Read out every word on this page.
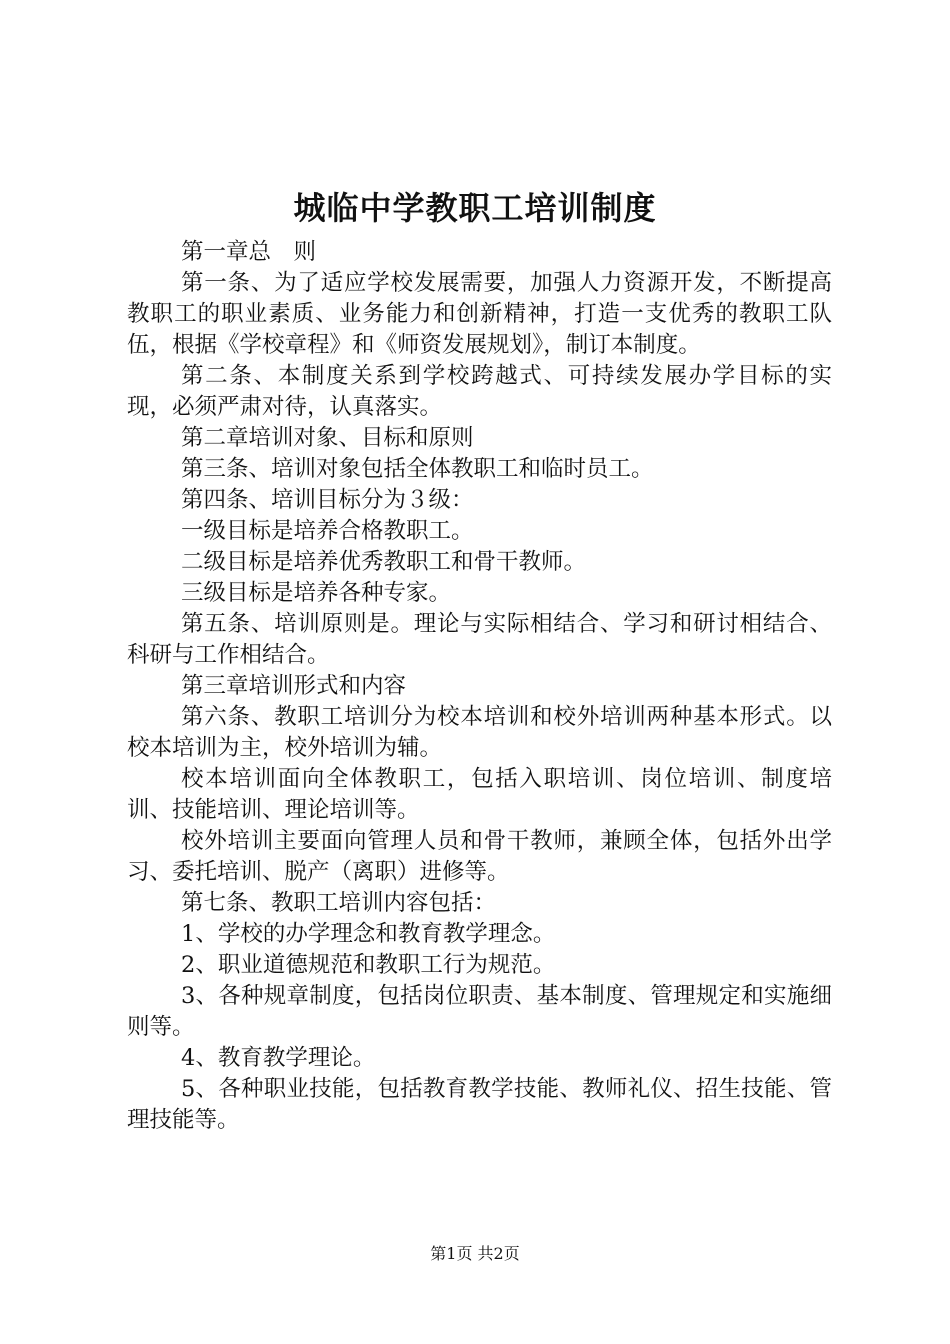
城临中学教职工培训制度

第一章总　则

第一条、为了适应学校发展需要，加强人力资源开发，不断提高教职工的职业素质、业务能力和创新精神，打造一支优秀的教职工队伍，根据《学校章程》和《师资发展规划》，制订本制度。

第二条、本制度关系到学校跨越式、可持续发展办学目标的实现，必须严肃对待，认真落实。

第二章培训对象、目标和原则

第三条、培训对象包括全体教职工和临时员工。

第四条、培训目标分为３级：

一级目标是培养合格教职工。

二级目标是培养优秀教职工和骨干教师。

三级目标是培养各种专家。

第五条、培训原则是。理论与实际相结合、学习和研讨相结合、科研与工作相结合。

第三章培训形式和内容

第六条、教职工培训分为校本培训和校外培训两种基本形式。以校本培训为主，校外培训为辅。

校本培训面向全体教职工，包括入职培训、岗位培训、制度培训、技能培训、理论培训等。

校外培训主要面向管理人员和骨干教师，兼顾全体，包括外出学习、委托培训、脱产（离职）进修等。

第七条、教职工培训内容包括：

1、学校的办学理念和教育教学理念。

2、职业道德规范和教职工行为规范。

3、各种规章制度，包括岗位职责、基本制度、管理规定和实施细则等。

4、教育教学理论。

5、各种职业技能，包括教育教学技能、教师礼仪、招生技能、管理技能等。

第1页 共2页
